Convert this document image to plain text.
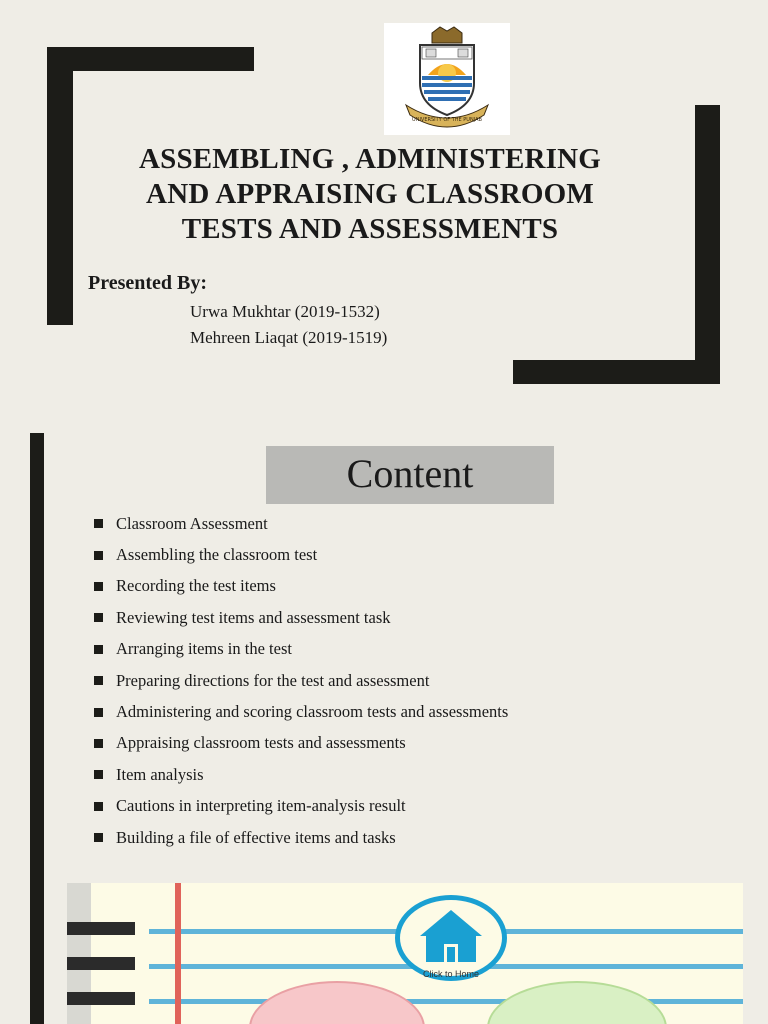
UNIVERSITY OF THE PUNJAB
ASSEMBLING , ADMINISTERING
AND APPRAISING CLASSROOM
TESTS AND ASSESSMENTS
Presented By:
Urwa Mukhtar (2019-1532)
Mehreen Liaqat (2019-1519)
Content
Classroom Assessment
Assembling the classroom test
Recording the test items
Reviewing test items and assessment task
Arranging items in the test
Preparing directions for the test and assessment
Administering and scoring classroom tests and assessments
Appraising classroom tests and assessments
Item analysis
Cautions in interpreting item-analysis result
Building a file of effective items and tasks
Click to Home
